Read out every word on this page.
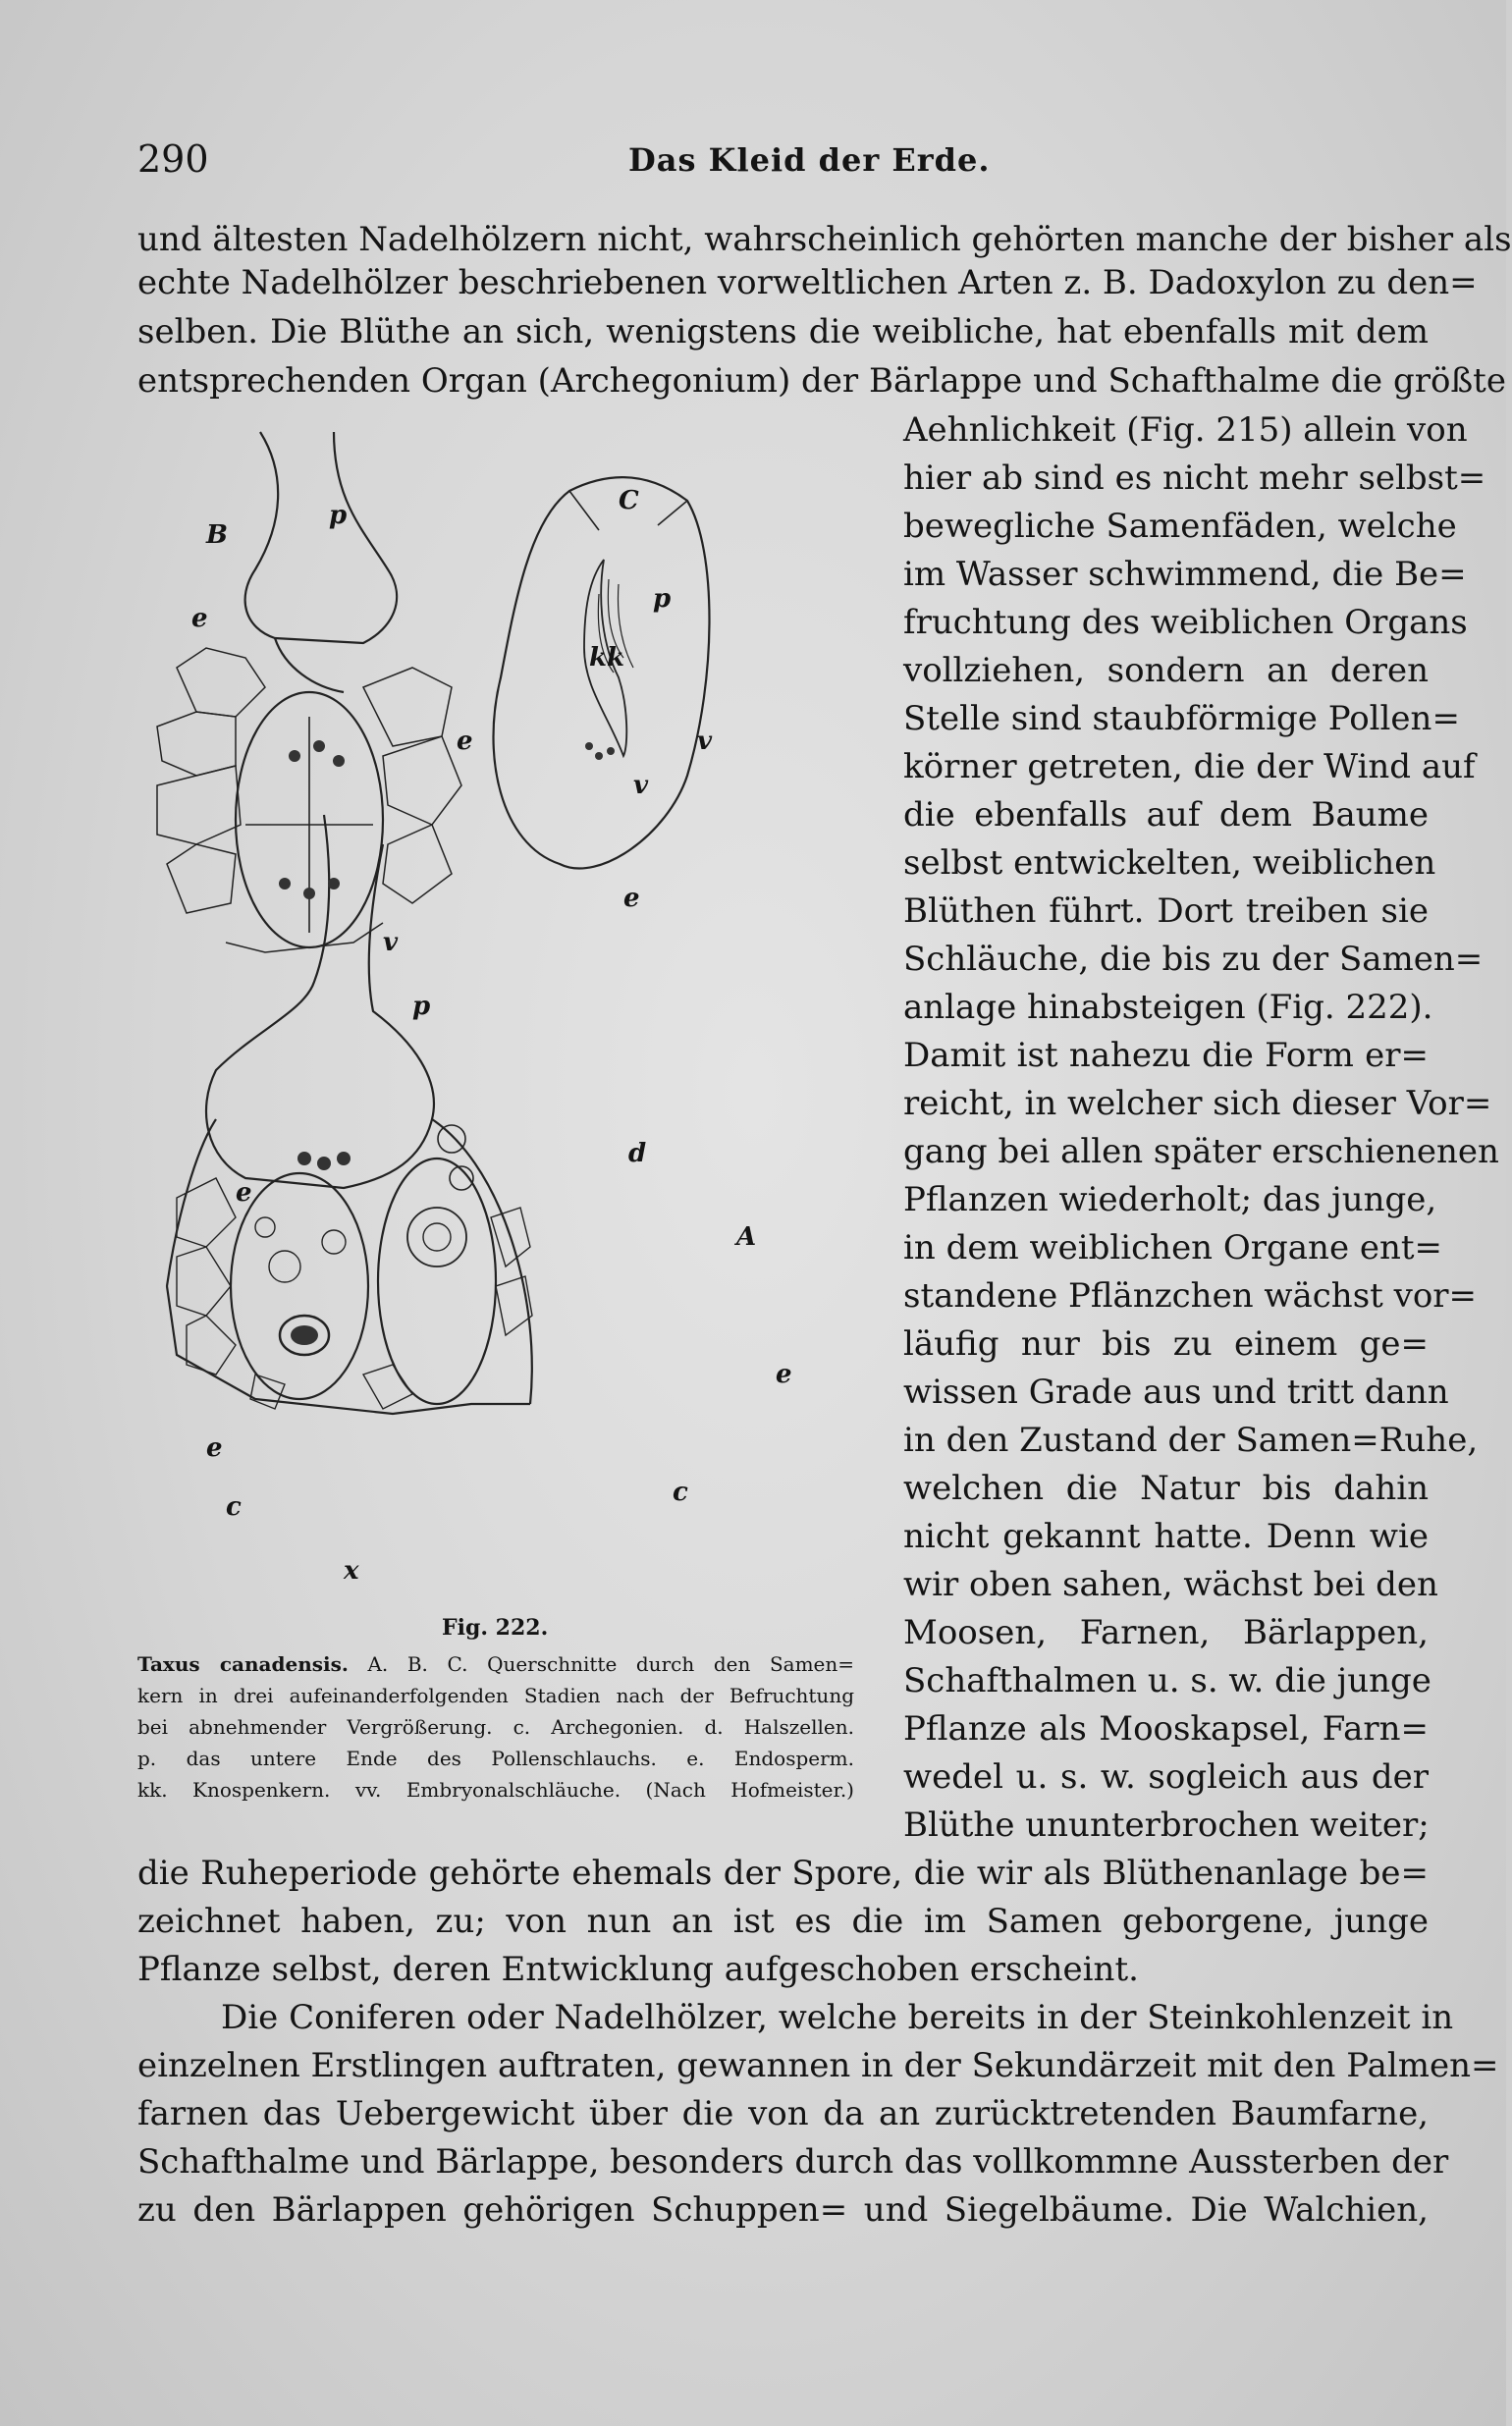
290	Das Kleid der Erde.
und ältesten Nadelhölzern nicht, wahrscheinlich gehörten manche der bisher als
echte Nadelhölzer beschriebenen vorweltlichen Arten z. B. Dadoxylon zu den=
selben. Die Blüthe an sich, wenigstens die weibliche, hat ebenfalls mit dem
entsprechenden Organ (Archegonium) der Bärlappe und Schafthalme die größte
B
p
e
e
v
C
p
kk
v
v
e
p
d
A
e
e
e
c	c
x
Fig. 222.
Taxus canadensis. A. B. C. Querschnitte durch den Samen=
kern in drei aufeinanderfolgenden Stadien nach der Befruchtung
bei abnehmender Vergrößerung. c. Archegonien. d. Halszellen.
p. das untere Ende des Pollenschlauchs. e. Endosperm.
kk. Knospenkern. vv. Embryonalschläuche. (Nach Hofmeister.)
Aehnlichkeit (Fig. 215) allein von
hier ab sind es nicht mehr selbst=
bewegliche Samenfäden, welche
im Wasser schwimmend, die Be=
fruchtung des weiblichen Organs
vollziehen, sondern an deren
Stelle sind staubförmige Pollen=
körner getreten, die der Wind auf
die ebenfalls auf dem Baume
selbst entwickelten, weiblichen
Blüthen führt. Dort treiben sie
Schläuche, die bis zu der Samen=
anlage hinabsteigen (Fig. 222).
Damit ist nahezu die Form er=
reicht, in welcher sich dieser Vor=
gang bei allen später erschienenen
Pflanzen wiederholt; das junge,
in dem weiblichen Organe ent=
standene Pflänzchen wächst vor=
läufig nur bis zu einem ge=
wissen Grade aus und tritt dann
in den Zustand der Samen=Ruhe,
welchen die Natur bis dahin
nicht gekannt hatte. Denn wie
wir oben sahen, wächst bei den
Moosen, Farnen, Bärlappen,
Schafthalmen u. s. w. die junge
Pflanze als Mooskapsel, Farn=
wedel u. s. w. sogleich aus der
Blüthe ununterbrochen weiter;
die Ruheperiode gehörte ehemals der Spore, die wir als Blüthenanlage be=
zeichnet haben, zu; von nun an ist es die im Samen geborgene, junge
Pflanze selbst, deren Entwicklung aufgeschoben erscheint.
Die Coniferen oder Nadelhölzer, welche bereits in der Steinkohlenzeit in
einzelnen Erstlingen auftraten, gewannen in der Sekundärzeit mit den Palmen=
farnen das Uebergewicht über die von da an zurücktretenden Baumfarne,
Schafthalme und Bärlappe, besonders durch das vollkommne Aussterben der
zu den Bärlappen gehörigen Schuppen= und Siegelbäume. Die Walchien,
